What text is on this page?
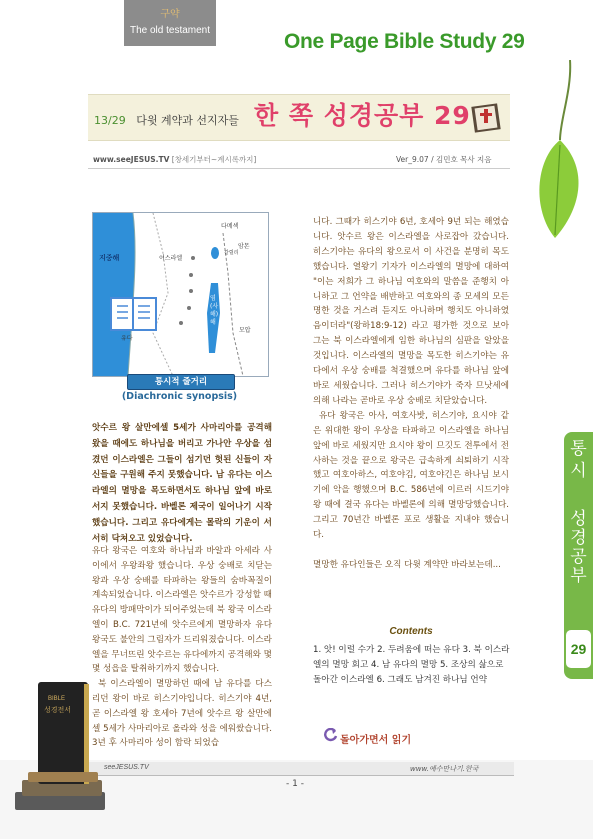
구약
The old testament	One Page Bible Study 29
13/29 다윗 계약과 선지자들 한 쪽 성경공부 29
www.seeJESUS.TV [창세기부터~계시록까지]	Ver_9.07 / 김민호 목사 지음
지중해	이스라엘
유다
다메섹
암몬
모압
갈릴리
염(사해)해
통시적 줄거리
(Diachronic synopsis)
앗수르 왕 살만에셀 5세가 사마리아를 공격해 왔을 때에도 하나님을 버리고 가나안 우상을 섬겼던 이스라엘은 그들이 섬기던 헛된 신들이 자신들을 구원해 주지 못했습니다. 남 유다는 이스라엘의 멸망을 목도하면서도 하나님 앞에 바로 서지 못했습니다. 바벨론 제국이 일어나기 시작했습니다. 그리고 유다에게는 몰락의 기운이 서서히 닥쳐오고 있었습니다.

유다 왕국은 여호와 하나님과 바알과 아세라 사이에서 우왕좌왕 했습니다. 우상 숭배로 치닫는 왕과 우상 숭배를 타파하는 왕들의 숨바꼭질이 계속되었습니다. 이스라엘은 앗수르가 강성할 때 유다의 방패막이가 되어주었는데 북 왕국 이스라엘이 B.C. 721년에 앗수르에게 멸망하자 유다 왕국도 불안의 그림자가 드리워졌습니다. 이스라엘을 무너뜨린 앗수르는 유다에까지 공격해와 몇몇 성읍을 탈취하기까지 했습니다.

북 이스라엘이 멸망하던 때에 남 유다를 다스리던 왕이 바로 히스기야입니다. 히스기야 4년, 곧 이스라엘 왕 호세아 7년에 앗수르 왕 살만에셀 5세가 사마리아로 올라와 성을 에워쌌습니다. 3년 후 사마리아 성이 함락 되었습

니다. 그때가 히스기야 6년, 호세아 9년 되는 해였습니다. 앗수르 왕은 이스라엘을 사로잡아 갔습니다. 히스기야는 유다의 왕으로서 이 사건을 분명히 목도했습니다. 열왕기 기자가 이스라엘의 멸망에 대하여 "이는 저희가 그 하나님 여호와의 말씀을 준행치 아니하고 그 언약을 배반하고 여호와의 종 모세의 모든 명한 것을 거스려 듣지도 아니하며 행치도 아니하였음이더라"(왕하18:9-12) 라고 평가한 것으로 보아 그는 북 이스라엘에게 임한 하나님의 심판을 알았을 것입니다. 이스라엘의 멸망을 목도한 히스기야는 유다에서 우상 숭배를 척결했으며 유다를 하나님 앞에 바로 세웠습니다. 그러나 히스기야가 죽자 므낫세에 의해 나라는 곧바로 우상 숭배로 치닫았습니다.

유다 왕국은 아사, 여호사밧, 히스기야, 요시야 같은 위대한 왕이 우상을 타파하고 이스라엘을 하나님 앞에 바로 세웠지만 요시야 왕이 므깃도 전투에서 전사하는 것을 끝으로 왕국은 급속하게 쇠퇴하기 시작했고 여호아하스, 여호야김, 여호야긴은 하나님 보시기에 악을 행했으며 B.C. 586년에 이르러 시드기야 왕 때에 결국 유다는 바벨론에 의해 멸망당했습니다. 그리고 70년간 바벨론 포로 생활을 지내야 했습니다.

멸망한 유다인들은 오직 다윗 계약만 바라보는데...

Contents
1. 앗! 이럴 수가 2. 두려움에 떠는 유다 3. 북 이스라엘의 멸망 회고 4. 남 유다의 멸망 5. 조상의 삶으로 돌아간 이스라엘 6. 그래도 남겨진 하나님 언약
돌아가면서 읽기
통
시
성
경
공
부
29
seeJESUS.TV	www.예수만나기.한국
- 1 -
BIBLE
성경전서
